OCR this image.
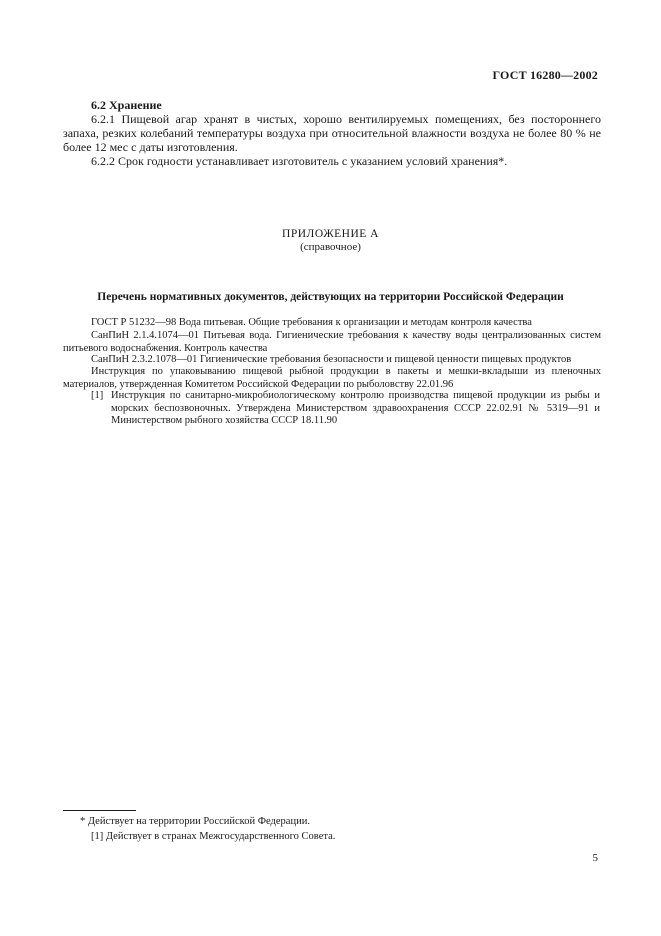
ГОСТ 16280—2002
6.2 Хранение
6.2.1 Пищевой агар хранят в чистых, хорошо вентилируемых помещениях, без постороннего запаха, резких колебаний температуры воздуха при относительной влажности воздуха не более 80 % не более 12 мес с даты изготовления.
6.2.2 Срок годности устанавливает изготовитель с указанием условий хранения*.
ПРИЛОЖЕНИЕ А
(справочное)
Перечень нормативных документов, действующих на территории Российской Федерации
ГОСТ Р 51232—98 Вода питьевая. Общие требования к организации и методам контроля качества
СанПиН 2.1.4.1074—01 Питьевая вода. Гигиенические требования к качеству воды централизованных систем питьевого водоснабжения. Контроль качества
СанПиН 2.3.2.1078—01 Гигиенические требования безопасности и пищевой ценности пищевых продуктов
Инструкция по упаковыванию пищевой рыбной продукции в пакеты и мешки-вкладыши из пленочных материалов, утвержденная Комитетом Российской Федерации по рыболовству 22.01.96
[1] Инструкция по санитарно-микробиологическому контролю производства пищевой продукции из рыбы и морских беспозвоночных. Утверждена Министерством здравоохранения СССР 22.02.91 № 5319—91 и Министерством рыбного хозяйства СССР 18.11.90
* Действует на территории Российской Федерации.
[1] Действует в странах Межгосударственного Совета.
5
